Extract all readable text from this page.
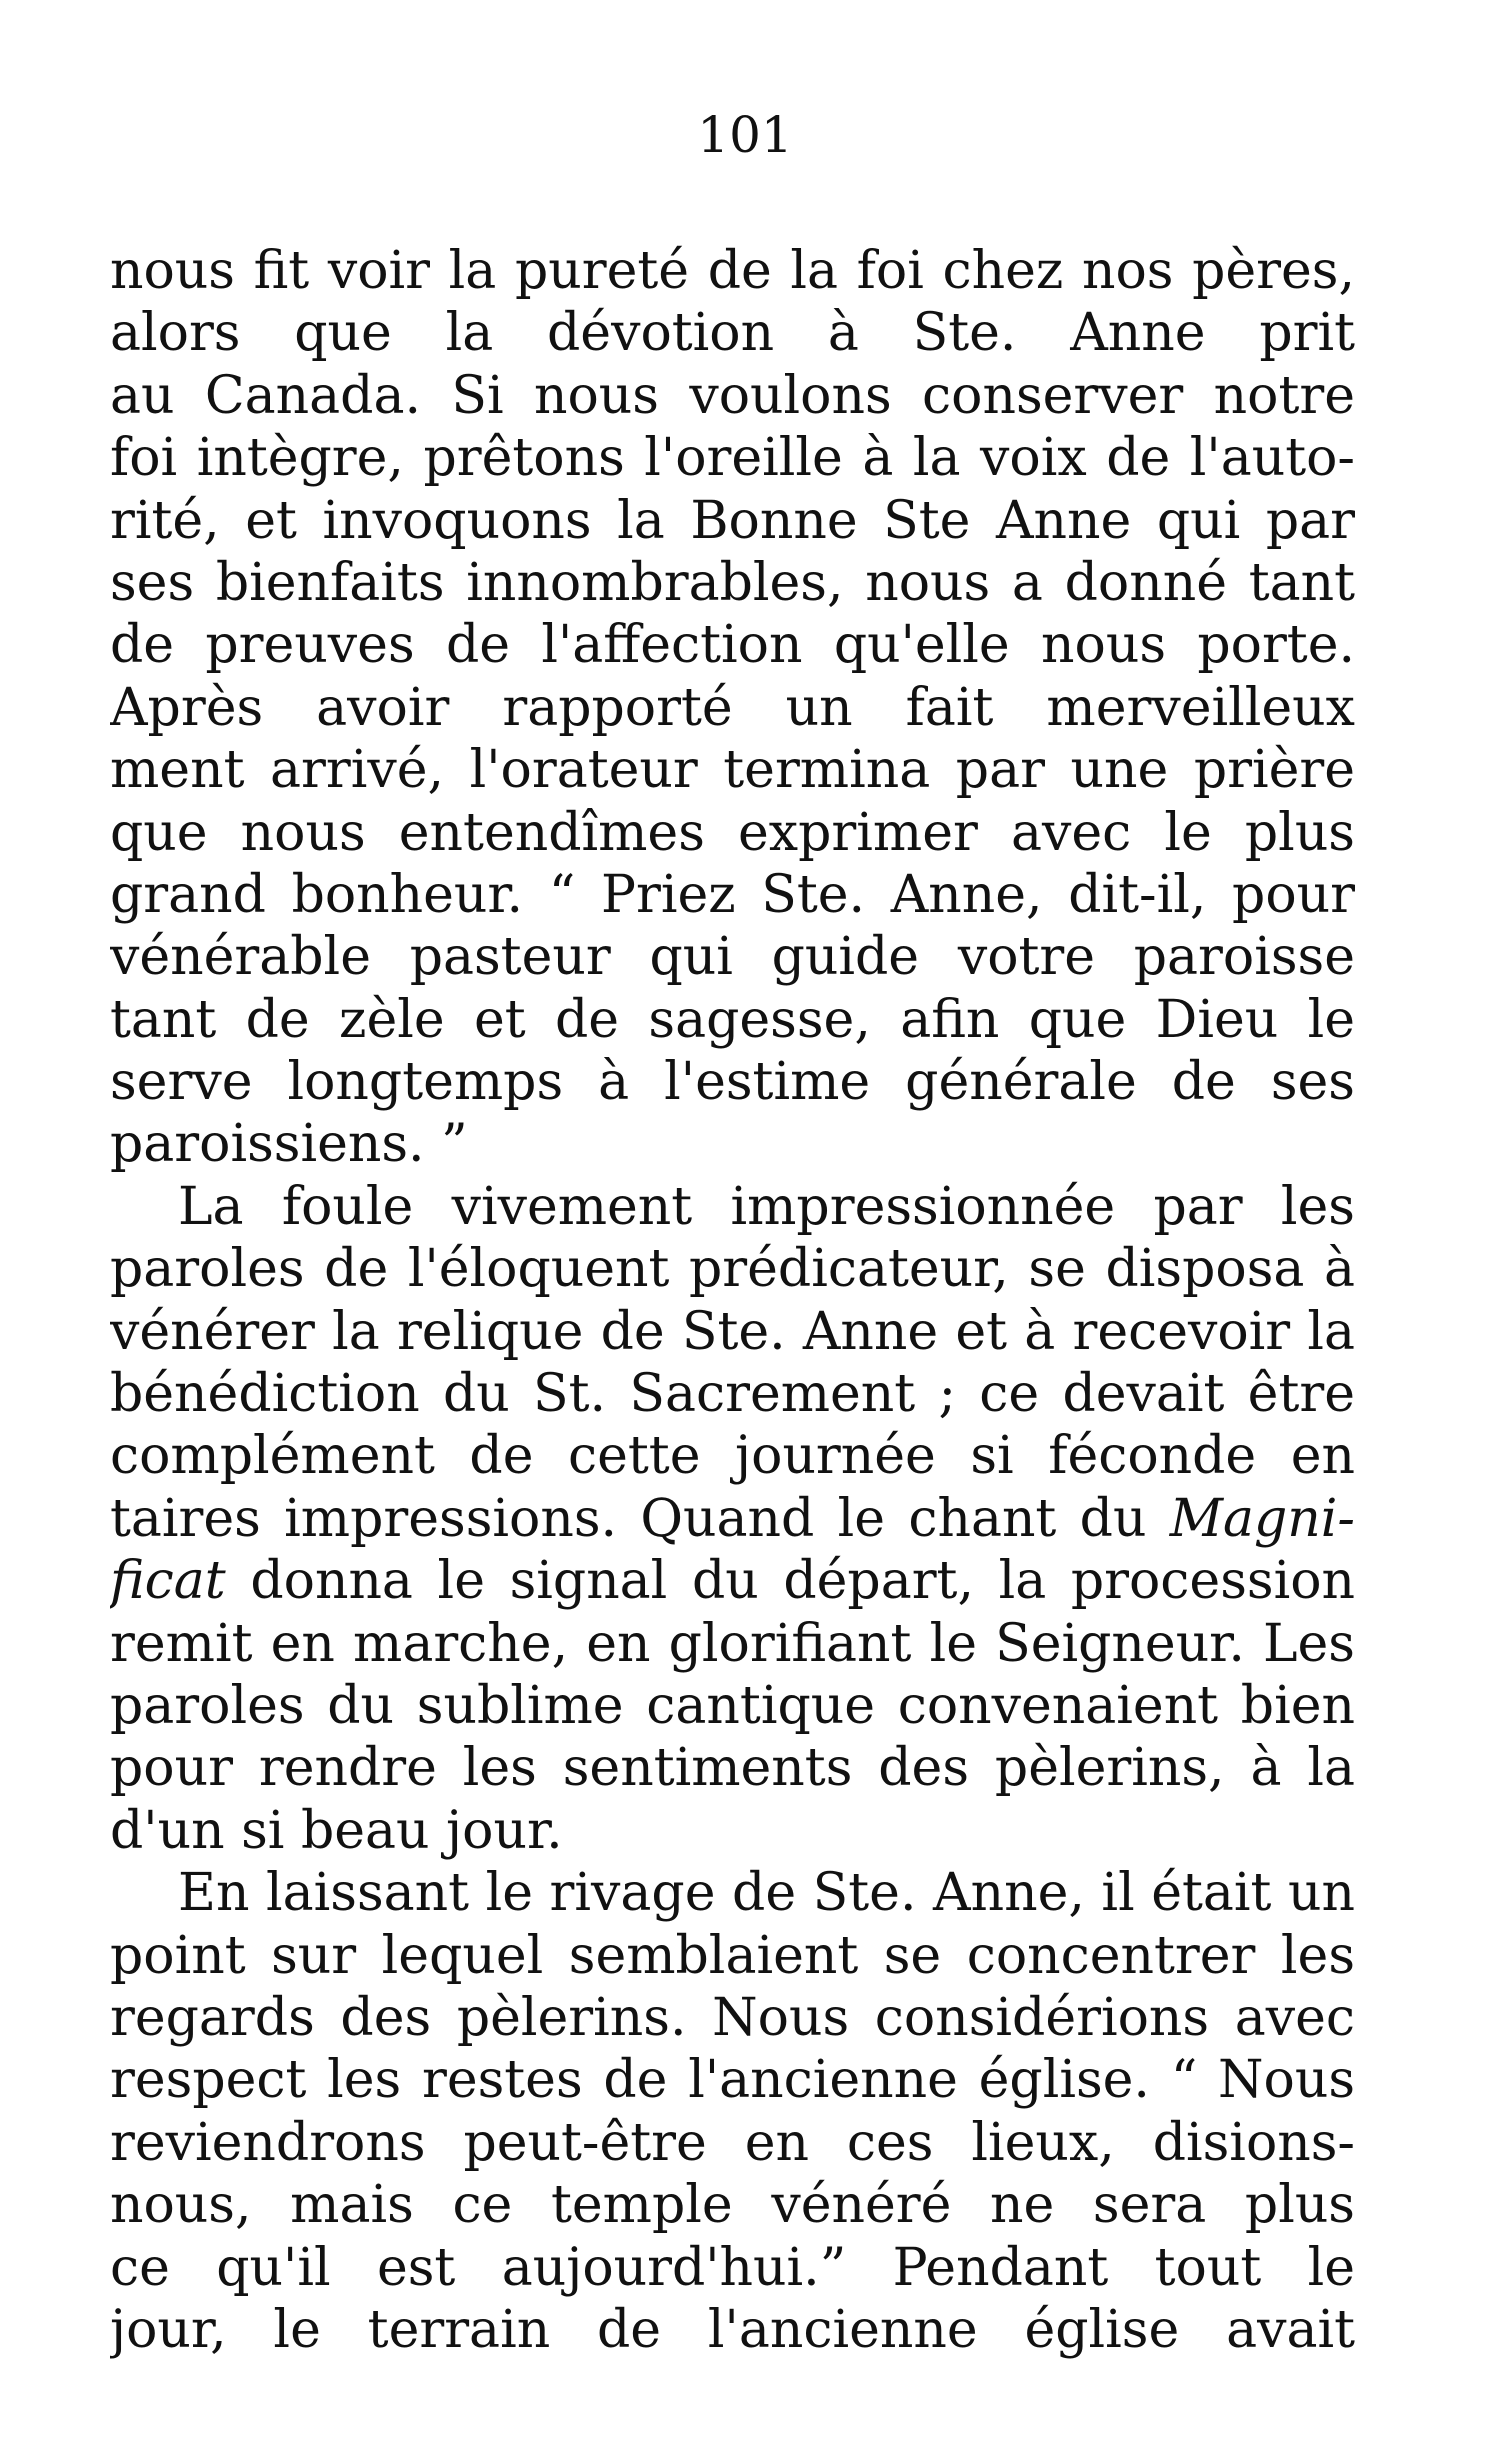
101
nous fit voir la pureté de la foi chez nos pères,
alors que la dévotion à Ste. Anne prit
au Canada. Si nous voulons conserver notre
foi intègre, prêtons l'oreille à la voix de l'auto-
rité, et invoquons la Bonne Ste Anne qui par
ses bienfaits innombrables, nous a donné tant
de preuves de l'affection qu'elle nous porte.
Après avoir rapporté un fait merveilleux
ment arrivé, l'orateur termina par une prière
que nous entendîmes exprimer avec le plus
grand bonheur. “ Priez Ste. Anne, dit-il, pour
vénérable pasteur qui guide votre paroisse
tant de zèle et de sagesse, afin que Dieu le
serve longtemps à l'estime générale de ses
paroissiens. ”
La foule vivement impressionnée par les
paroles de l'éloquent prédicateur, se disposa à
vénérer la relique de Ste. Anne et à recevoir la
bénédiction du St. Sacrement ; ce devait être
complément de cette journée si féconde en
taires impressions. Quand le chant du Magni-
ficat donna le signal du départ, la procession
remit en marche, en glorifiant le Seigneur. Les
paroles du sublime cantique convenaient bien
pour rendre les sentiments des pèlerins, à la
d'un si beau jour.
En laissant le rivage de Ste. Anne, il était un
point sur lequel semblaient se concentrer les
regards des pèlerins. Nous considérions avec
respect les restes de l'ancienne église. “ Nous
reviendrons peut-être en ces lieux, disions-
nous, mais ce temple vénéré ne sera plus
ce qu'il est aujourd'hui.” Pendant tout le
jour, le terrain de l'ancienne église avait
